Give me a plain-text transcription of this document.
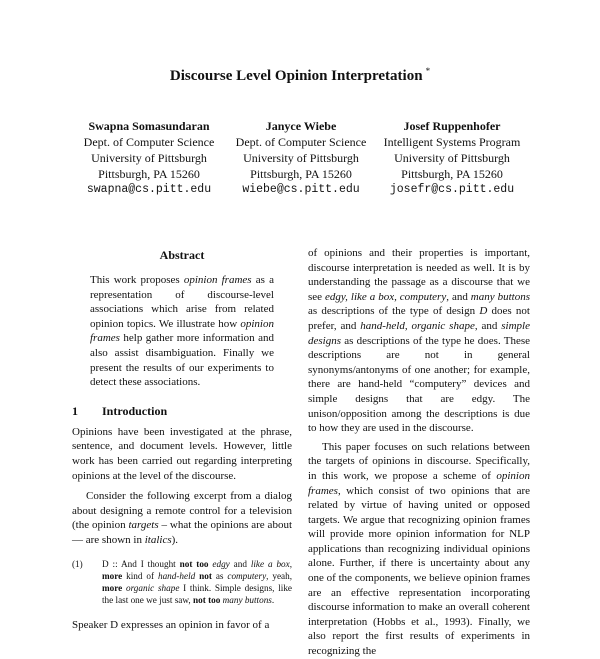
Discourse Level Opinion Interpretation *
Swapna Somasundaran
Dept. of Computer Science
University of Pittsburgh
Pittsburgh, PA 15260
swapna@cs.pitt.edu
Janyce Wiebe
Dept. of Computer Science
University of Pittsburgh
Pittsburgh, PA 15260
wiebe@cs.pitt.edu
Josef Ruppenhofer
Intelligent Systems Program
University of Pittsburgh
Pittsburgh, PA 15260
josefr@cs.pitt.edu
Abstract
This work proposes opinion frames as a representation of discourse-level associations which arise from related opinion topics. We illustrate how opinion frames help gather more information and also assist disambiguation. Finally we present the results of our experiments to detect these associations.
1 Introduction

Opinions have been investigated at the phrase, sentence, and document levels. However, little work has been carried out regarding interpreting opinions at the level of the discourse.

Consider the following excerpt from a dialog about designing a remote control for a television (the opinion targets – what the opinions are about — are shown in italics).

(1)	D :: And I thought not too edgy and like a box, more kind of hand-held not as computery, yeah, more organic shape I think. Simple designs, like the last one we just saw, not too many buttons.

Speaker D expresses an opinion in favor of a

of opinions and their properties is important, discourse interpretation is needed as well. It is by understanding the passage as a discourse that we see edgy, like a box, computery, and many buttons as descriptions of the type of design D does not prefer, and hand-held, organic shape, and simple designs as descriptions of the type he does. These descriptions are not in general synonyms/antonyms of one another; for example, there are hand-held “computery” devices and simple designs that are edgy. The unison/opposition among the descriptions is due to how they are used in the discourse.

This paper focuses on such relations between the targets of opinions in discourse. Specifically, in this work, we propose a scheme of opinion frames, which consist of two opinions that are related by virtue of having united or opposed targets. We argue that recognizing opinion frames will provide more opinion information for NLP applications than recognizing individual opinions alone. Further, if there is uncertainty about any one of the components, we believe opinion frames are an effective representation incorporating discourse information to make an overall coherent interpretation (Hobbs et al., 1993). Finally, we also report the first results of experiments in recognizing the
